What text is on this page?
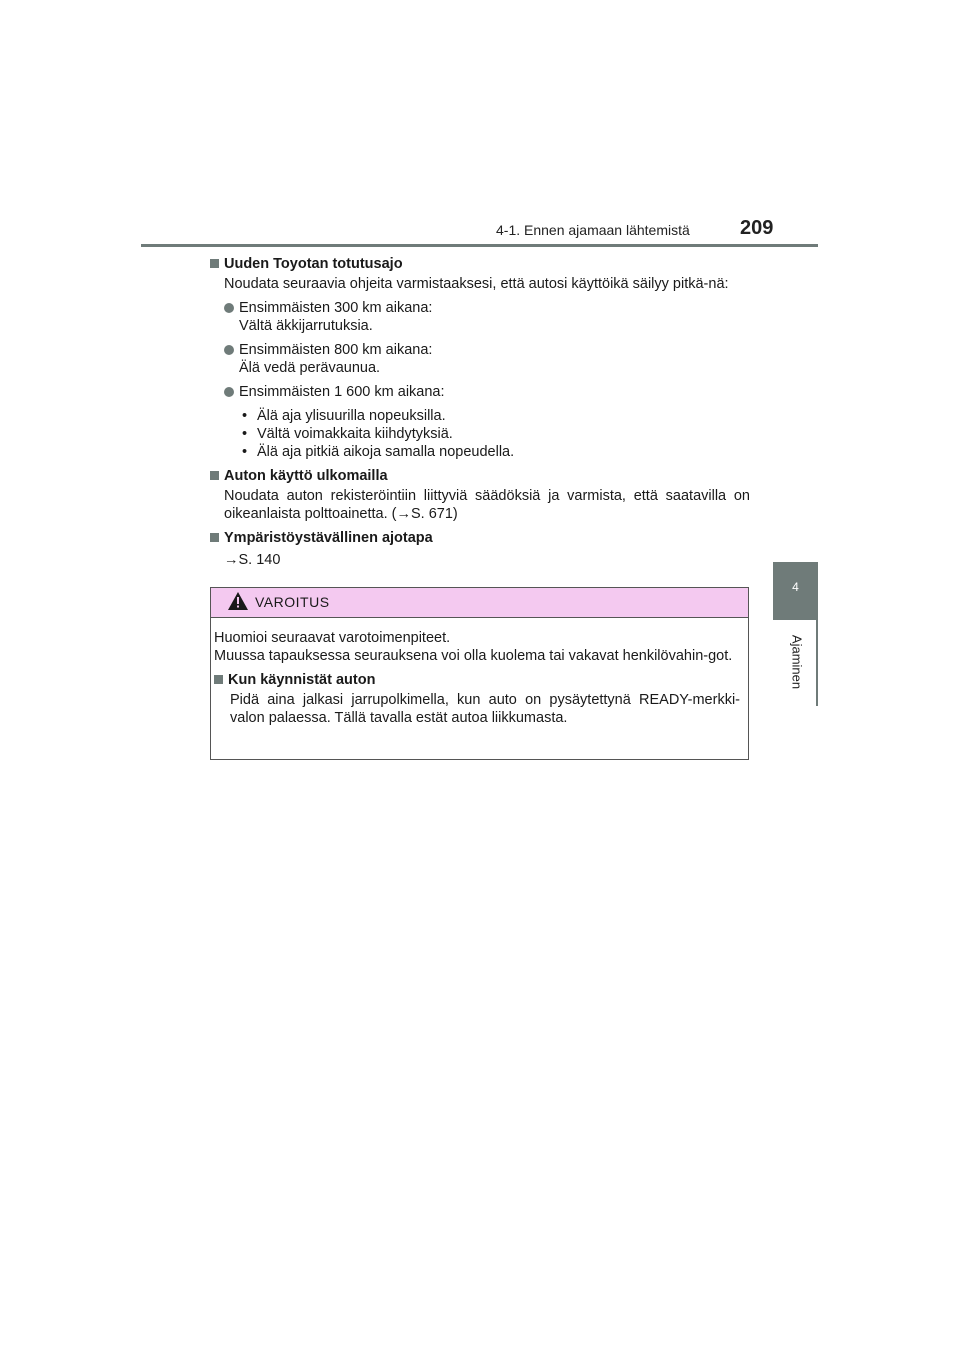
4-1. Ennen ajamaan lähtemistä	209
4
Ajaminen
Uuden Toyotan totutusajo
Noudata seuraavia ohjeita varmistaaksesi, että autosi käyttöikä säilyy pitkä-nä:
Ensimmäisten 300 km aikana:
Vältä äkkijarrutuksia.
Ensimmäisten 800 km aikana:
Älä vedä perävaunua.
Ensimmäisten 1 600 km aikana:
• Älä aja ylisuurilla nopeuksilla.
• Vältä voimakkaita kiihdytyksiä.
• Älä aja pitkiä aikoja samalla nopeudella.
Auton käyttö ulkomailla
Noudata auton rekisteröintiin liittyviä säädöksiä ja varmista, että saatavilla on oikeanlaista polttoainetta. (→S. 671)
Ympäristöystävällinen ajotapa
→S. 140
VAROITUS
Huomioi seuraavat varotoimenpiteet.
Muussa tapauksessa seurauksena voi olla kuolema tai vakavat henkilövahin-got.
Kun käynnistät auton
Pidä aina jalkasi jarrupolkimella, kun auto on pysäytettynä READY-merkki-valon palaessa. Tällä tavalla estät autoa liikkumasta.
